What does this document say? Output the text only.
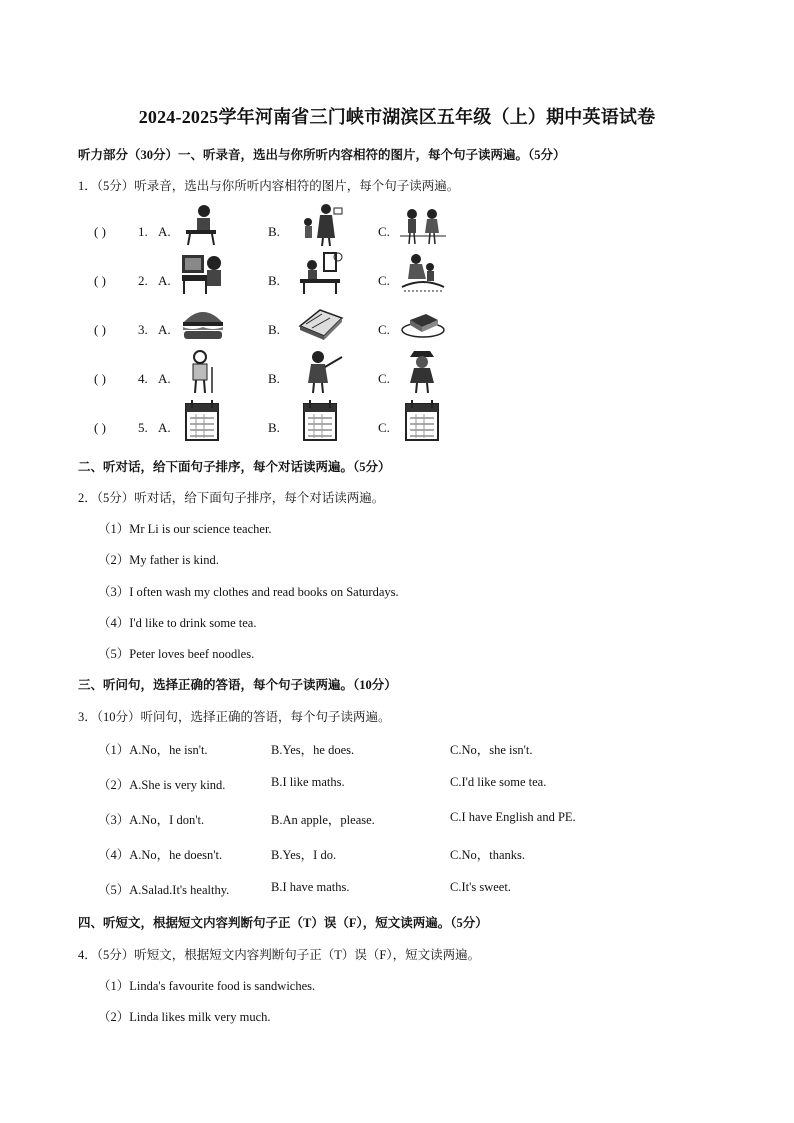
2024-2025学年河南省三门峡市湖滨区五年级（上）期中英语试卷
听力部分（30分）一、听录音，选出与你所听内容相符的图片，每个句子读两遍。（5分）
1．（5分）听录音，选出与你所听内容相符的图片，每个句子读两遍。
( ) 1. A.	B.	C.
( ) 2. A.	B.	C.
( ) 3. A.	B.	C.
( ) 4. A.	B.	C.
( ) 5. A.	B.	C.
二、听对话，给下面句子排序，每个对话读两遍。（5分）
2．（5分）听对话，给下面句子排序，每个对话读两遍。
（1）Mr Li is our science teacher.
（2）My father is kind.
（3）I often wash my clothes and read books on Saturdays.
（4）I'd like to drink some tea.
（5）Peter loves beef noodles.
三、听问句，选择正确的答语，每个句子读两遍。（10分）
3．（10分）听问句，选择正确的答语，每个句子读两遍。
（1）A.No，he isn't.	B.Yes，he does.	C.No，she isn't.
（2）A.She is very kind.	B.I like maths.	C.I'd like some tea.
（3）A.No，I don't.	B.An apple，please.	C.I have English and PE.
（4）A.No，he doesn't.	B.Yes，I do.	C.No，thanks.
（5）A.Salad.It's healthy.	B.I have maths.	C.It's sweet.
四、听短文，根据短文内容判断句子正（T）误（F），短文读两遍。（5分）
4．（5分）听短文，根据短文内容判断句子正（T）误（F），短文读两遍。
（1）Linda's favourite food is sandwiches.
（2）Linda likes milk very much.
